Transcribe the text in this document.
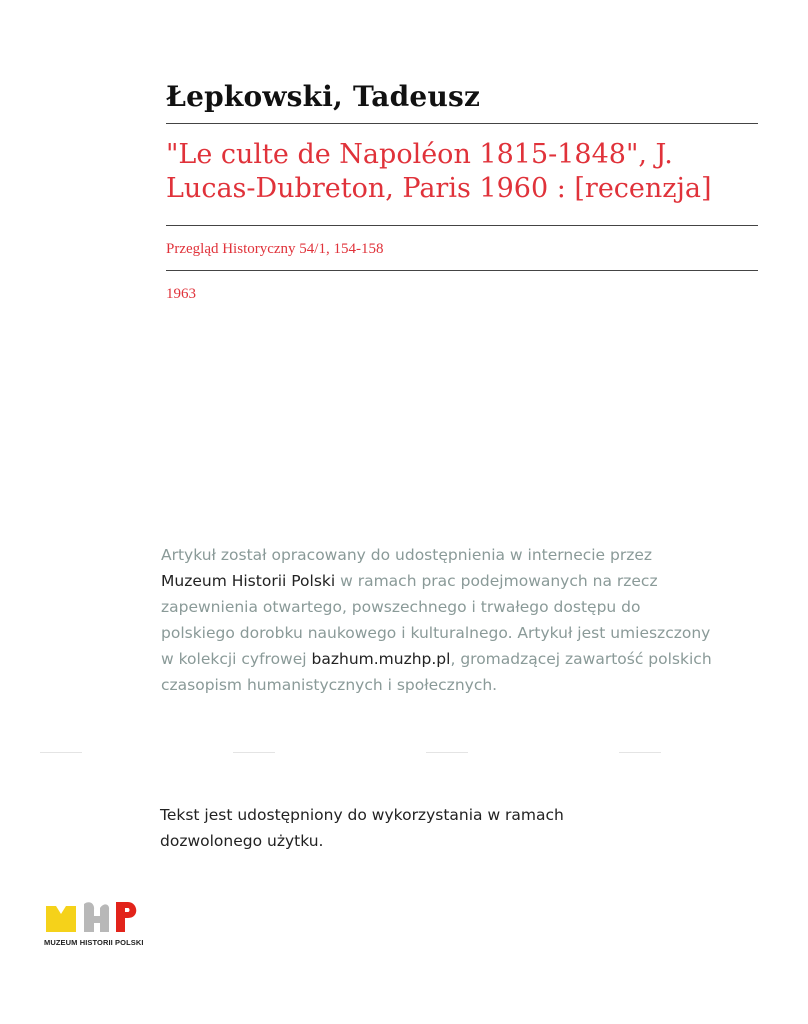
Łepkowski, Tadeusz
"Le culte de Napoléon 1815-1848", J.
Lucas-Dubreton, Paris 1960 : [recenzja]
Przegląd Historyczny 54/1, 154-158
1963
Artykuł został opracowany do udostępnienia w internecie przez
Muzeum Historii Polski w ramach prac podejmowanych na rzecz
zapewnienia otwartego, powszechnego i trwałego dostępu do
polskiego dorobku naukowego i kulturalnego. Artykuł jest umieszczony
w kolekcji cyfrowej bazhum.muzhp.pl, gromadzącej zawartość polskich
czasopism humanistycznych i społecznych.
Tekst jest udostępniony do wykorzystania w ramach
dozwolonego użytku.
MUZEUM HISTORII POLSKI
